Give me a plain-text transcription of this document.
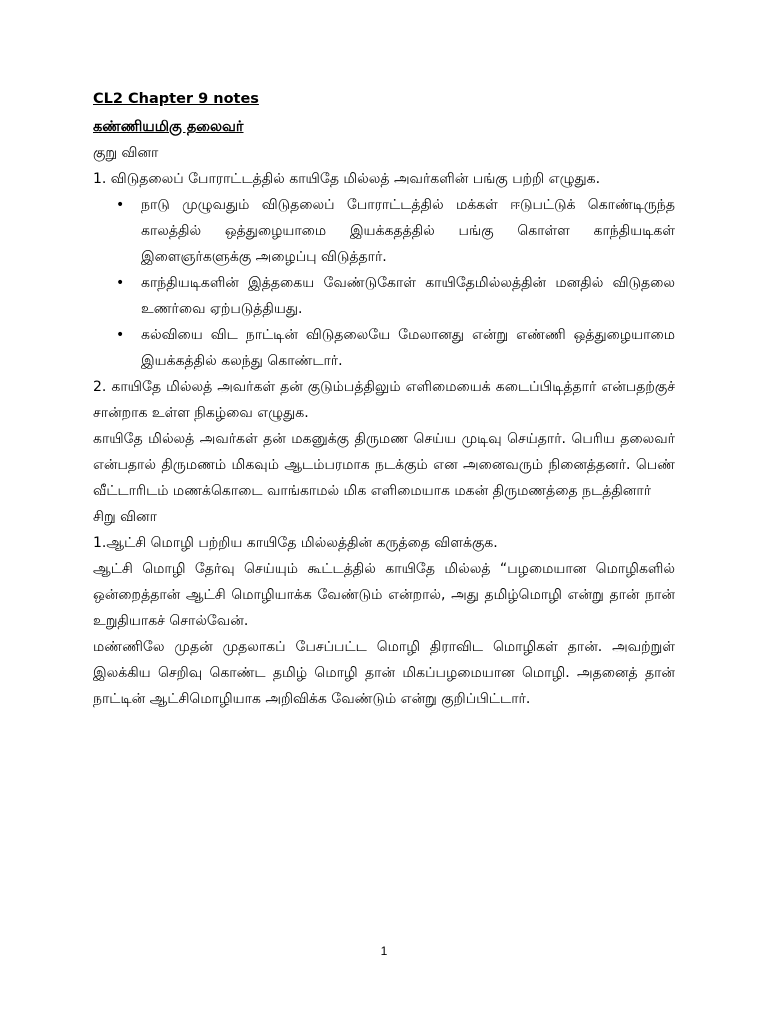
CL2 Chapter 9 notes
கண்ணியமிகு தலைவர்
குறு வினா
1. விடுதலைப் போராட்டத்தில் காயிதே மில்லத் அவர்களின் பங்கு பற்றி எழுதுக.
• நாடு முழுவதும் விடுதலைப் போராட்டத்தில் மக்கள் ஈடுபட்டுக் கொண்டிருந்த காலத்தில் ஒத்துழையாமை இயக்கதத்தில் பங்கு கொள்ள காந்தியடிகள் இளைஞர்களுக்கு அழைப்பு விடுத்தார்.
• காந்தியடிகளின் இத்தகைய வேண்டுகோள் காயிதேமில்லத்தின் மனதில் விடுதலை உணர்வை ஏற்படுத்தியது.
• கல்வியை விட நாட்டின் விடுதலையே மேலானது என்று எண்ணி ஒத்துழையாமை இயக்கத்தில் கலந்து கொண்டார்.
2. காயிதே மில்லத் அவர்கள் தன் குடும்பத்திலும் எளிமையைக் கடைப்பிடித்தார் என்பதற்குச் சான்றாக உள்ள நிகழ்வை எழுதுக.
காயிதே மில்லத் அவர்கள் தன் மகனுக்கு திருமண செய்ய முடிவு செய்தார். பெரிய தலைவர் என்பதால் திருமணம் மிகவும் ஆடம்பரமாக நடக்கும் என அனைவரும் நினைத்தனர். பெண் வீட்டாரிடம் மணக்கொடை வாங்காமல் மிக எளிமையாக மகன் திருமணத்தை நடத்தினார்
சிறு வினா
1.ஆட்சி மொழி பற்றிய காயிதே மில்லத்தின் கருத்தை விளக்குக.
ஆட்சி மொழி தேர்வு செய்யும் கூட்டத்தில் காயிதே மில்லத் “பழமையான மொழிகளில் ஒன்றைத்தான் ஆட்சி மொழியாக்க வேண்டும் என்றால், அது தமிழ்மொழி என்று தான் நான் உறுதியாகச் சொல்வேன்.
மண்ணிலே முதன் முதலாகப் பேசப்பட்ட மொழி திராவிட மொழிகள் தான். அவற்றுள் இலக்கிய செறிவு கொண்ட தமிழ் மொழி தான் மிகப்பழமையான மொழி. அதனைத் தான் நாட்டின் ஆட்சிமொழியாக அறிவிக்க வேண்டும் என்று குறிப்பிட்டார்.
1
